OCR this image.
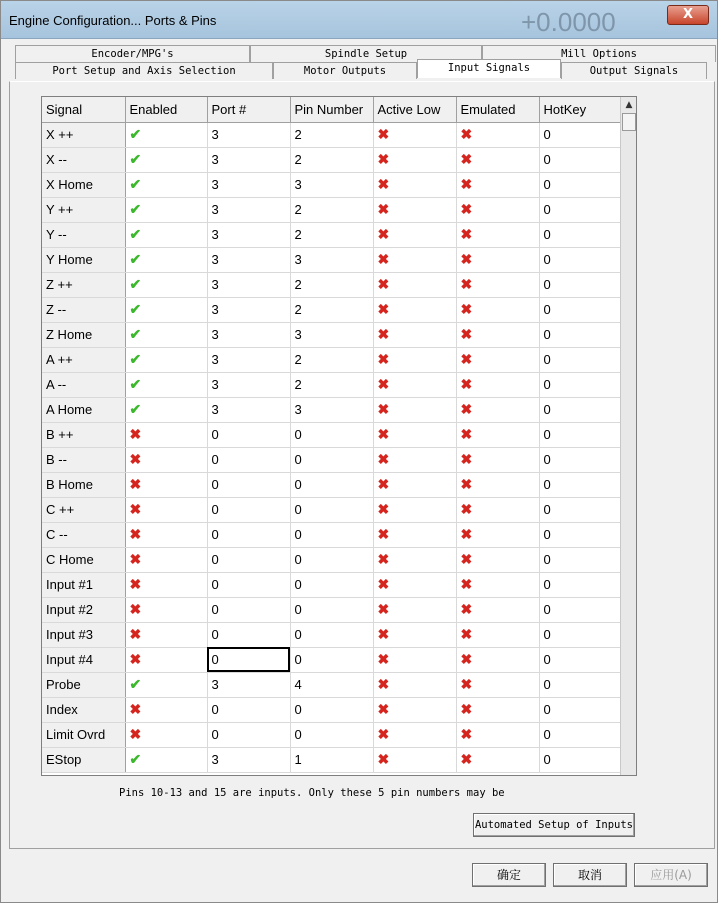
+0.0000
Engine Configuration... Ports & Pins	X
Encoder/MPG's	Spindle Setup	Mill Options
Port Setup and Axis Selection	Motor Outputs	Input Signals	Output Signals
Signal	Enabled	Port #	Pin Number	Active Low	Emulated	HotKey
X ++	✔	3	2	✖	✖	0
X --	✔	3	2	✖	✖	0
X Home	✔	3	3	✖	✖	0
Y ++	✔	3	2	✖	✖	0
Y --	✔	3	2	✖	✖	0
Y Home	✔	3	3	✖	✖	0
Z ++	✔	3	2	✖	✖	0
Z --	✔	3	2	✖	✖	0
Z Home	✔	3	3	✖	✖	0
A ++	✔	3	2	✖	✖	0
A --	✔	3	2	✖	✖	0
A Home	✔	3	3	✖	✖	0
B ++	✖	0	0	✖	✖	0
B --	✖	0	0	✖	✖	0
B Home	✖	0	0	✖	✖	0
C ++	✖	0	0	✖	✖	0
C --	✖	0	0	✖	✖	0
C Home	✖	0	0	✖	✖	0
Input #1	✖	0	0	✖	✖	0
Input #2	✖	0	0	✖	✖	0
Input #3	✖	0	0	✖	✖	0
Input #4	✖	0	0	✖	✖	0
Probe	✔	3	4	✖	✖	0
Index	✖	0	0	✖	✖	0
Limit Ovrd	✖	0	0	✖	✖	0
EStop	✔	3	1	✖	✖	0
▲
Pins 10-13 and 15 are inputs. Only these 5 pin numbers may be
Automated Setup of Inputs
确定	取消	应用(A)
